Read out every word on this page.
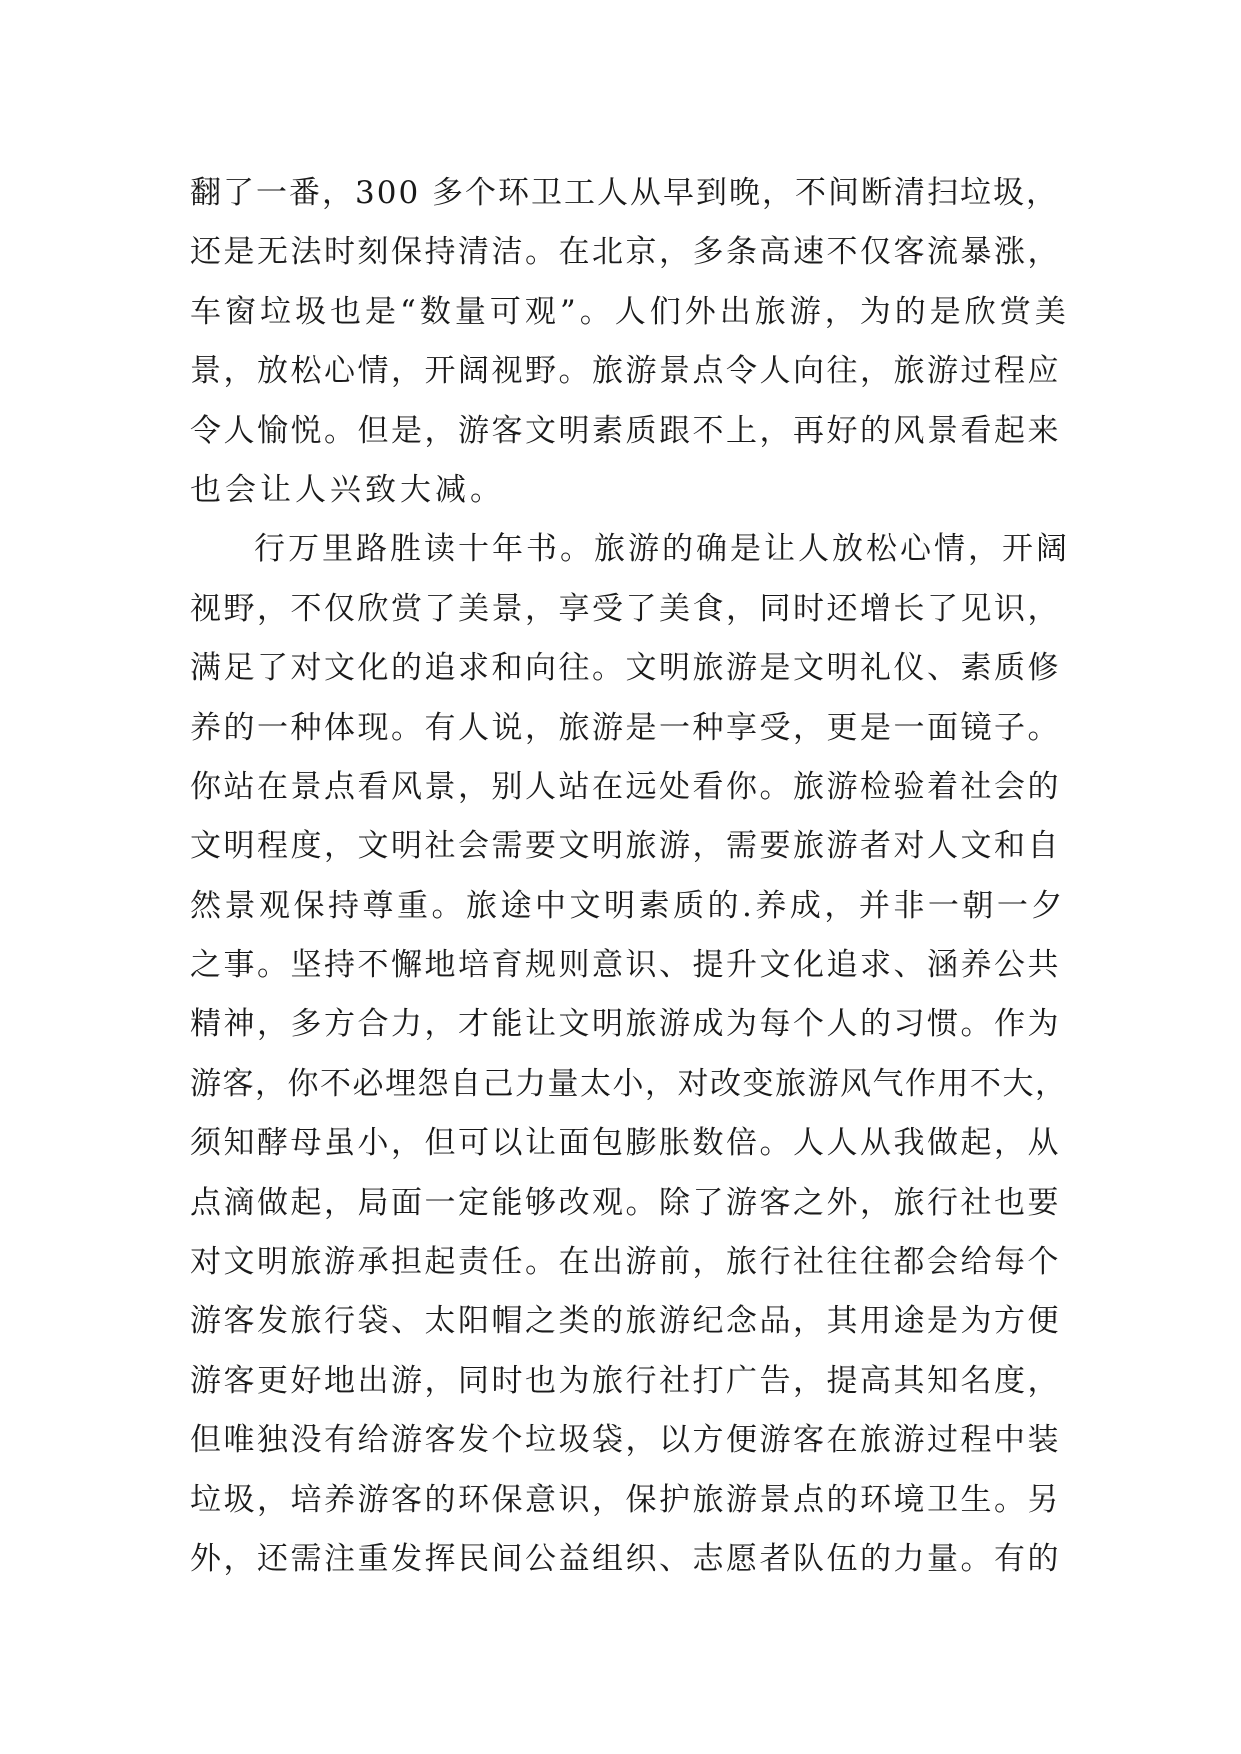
翻了一番，300 多个环卫工人从早到晚，不间断清扫垃圾，
还是无法时刻保持清洁。在北京，多条高速不仅客流暴涨，
车窗垃圾也是“数量可观”。人们外出旅游，为的是欣赏美
景，放松心情，开阔视野。旅游景点令人向往，旅游过程应
令人愉悦。但是，游客文明素质跟不上，再好的风景看起来
也会让人兴致大减。
行万里路胜读十年书。旅游的确是让人放松心情，开阔
视野，不仅欣赏了美景，享受了美食，同时还增长了见识，
满足了对文化的追求和向往。文明旅游是文明礼仪、素质修
养的一种体现。有人说，旅游是一种享受，更是一面镜子。
你站在景点看风景，别人站在远处看你。旅游检验着社会的
文明程度，文明社会需要文明旅游，需要旅游者对人文和自
然景观保持尊重。旅途中文明素质的.养成，并非一朝一夕
之事。坚持不懈地培育规则意识、提升文化追求、涵养公共
精神，多方合力，才能让文明旅游成为每个人的习惯。作为
游客，你不必埋怨自己力量太小，对改变旅游风气作用不大，
须知酵母虽小，但可以让面包膨胀数倍。人人从我做起，从
点滴做起，局面一定能够改观。除了游客之外，旅行社也要
对文明旅游承担起责任。在出游前，旅行社往往都会给每个
游客发旅行袋、太阳帽之类的旅游纪念品，其用途是为方便
游客更好地出游，同时也为旅行社打广告，提高其知名度，
但唯独没有给游客发个垃圾袋，以方便游客在旅游过程中装
垃圾，培养游客的环保意识，保护旅游景点的环境卫生。另
外，还需注重发挥民间公益组织、志愿者队伍的力量。有的
